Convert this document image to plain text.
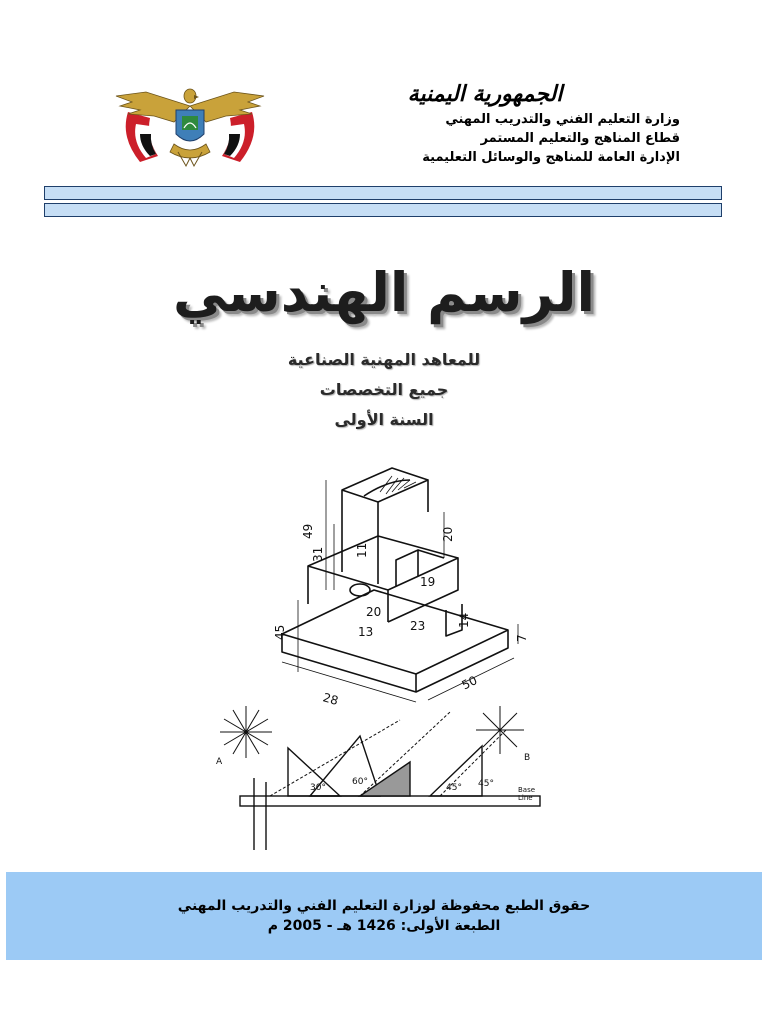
الجمهورية اليمنية
وزارة التعليم الفني والتدريب المهني
قطاع المناهج والتعليم المستمر
الإدارة العامة للمناهج والوسائل التعليمية
الرسم الهندسي
للمعاهد المهنية الصناعية
جميع التخصصات
السنة الأولى
49
31	11
20
19
20
45	13	23	14
7
50
28
A	B
30°
60°
45° 45°
Base
Line
حقوق الطبع محفوظة لوزارة التعليم الفني والتدريب المهني
الطبعة الأولى: 1426 هـ - 2005 م
